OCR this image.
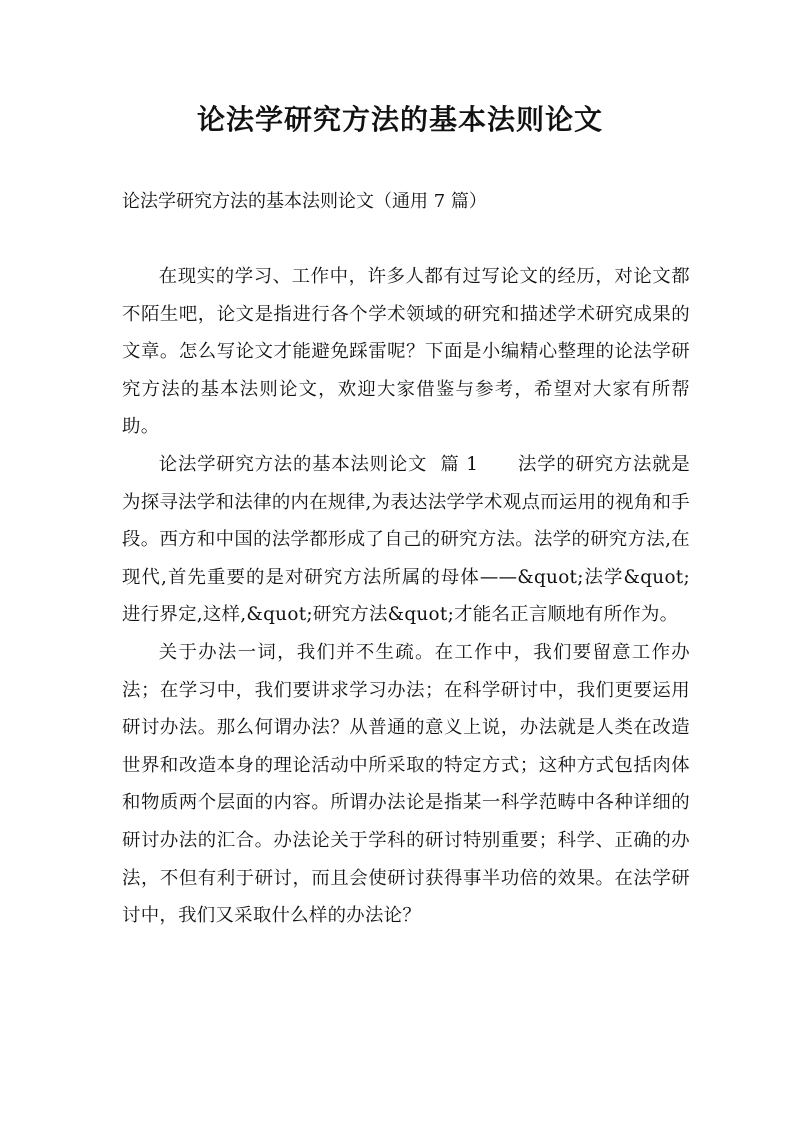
论法学研究方法的基本法则论文

论法学研究方法的基本法则论文（通用 7 篇）

在现实的学习、工作中，许多人都有过写论文的经历，对论文都不陌生吧，论文是指进行各个学术领域的研究和描述学术研究成果的文章。怎么写论文才能避免踩雷呢？下面是小编精心整理的论法学研究方法的基本法则论文，欢迎大家借鉴与参考，希望对大家有所帮助。

论法学研究方法的基本法则论文  篇 1      法学的研究方法就是为探寻法学和法律的内在规律,为表达法学学术观点而运用的视角和手段。西方和中国的法学都形成了自己的研究方法。法学的研究方法,在现代,首先重要的是对研究方法所属的母体——&quot;法学&quot;进行界定,这样,&quot;研究方法&quot;才能名正言顺地有所作为。

关于办法一词，我们并不生疏。在工作中，我们要留意工作办法；在学习中，我们要讲求学习办法；在科学研讨中，我们更要运用研讨办法。那么何谓办法？从普通的意义上说，办法就是人类在改造世界和改造本身的理论活动中所采取的特定方式；这种方式包括肉体和物质两个层面的内容。所谓办法论是指某一科学范畴中各种详细的研讨办法的汇合。办法论关于学科的研讨特别重要；科学、正确的办法，不但有利于研讨，而且会使研讨获得事半功倍的效果。在法学研讨中，我们又采取什么样的办法论？
